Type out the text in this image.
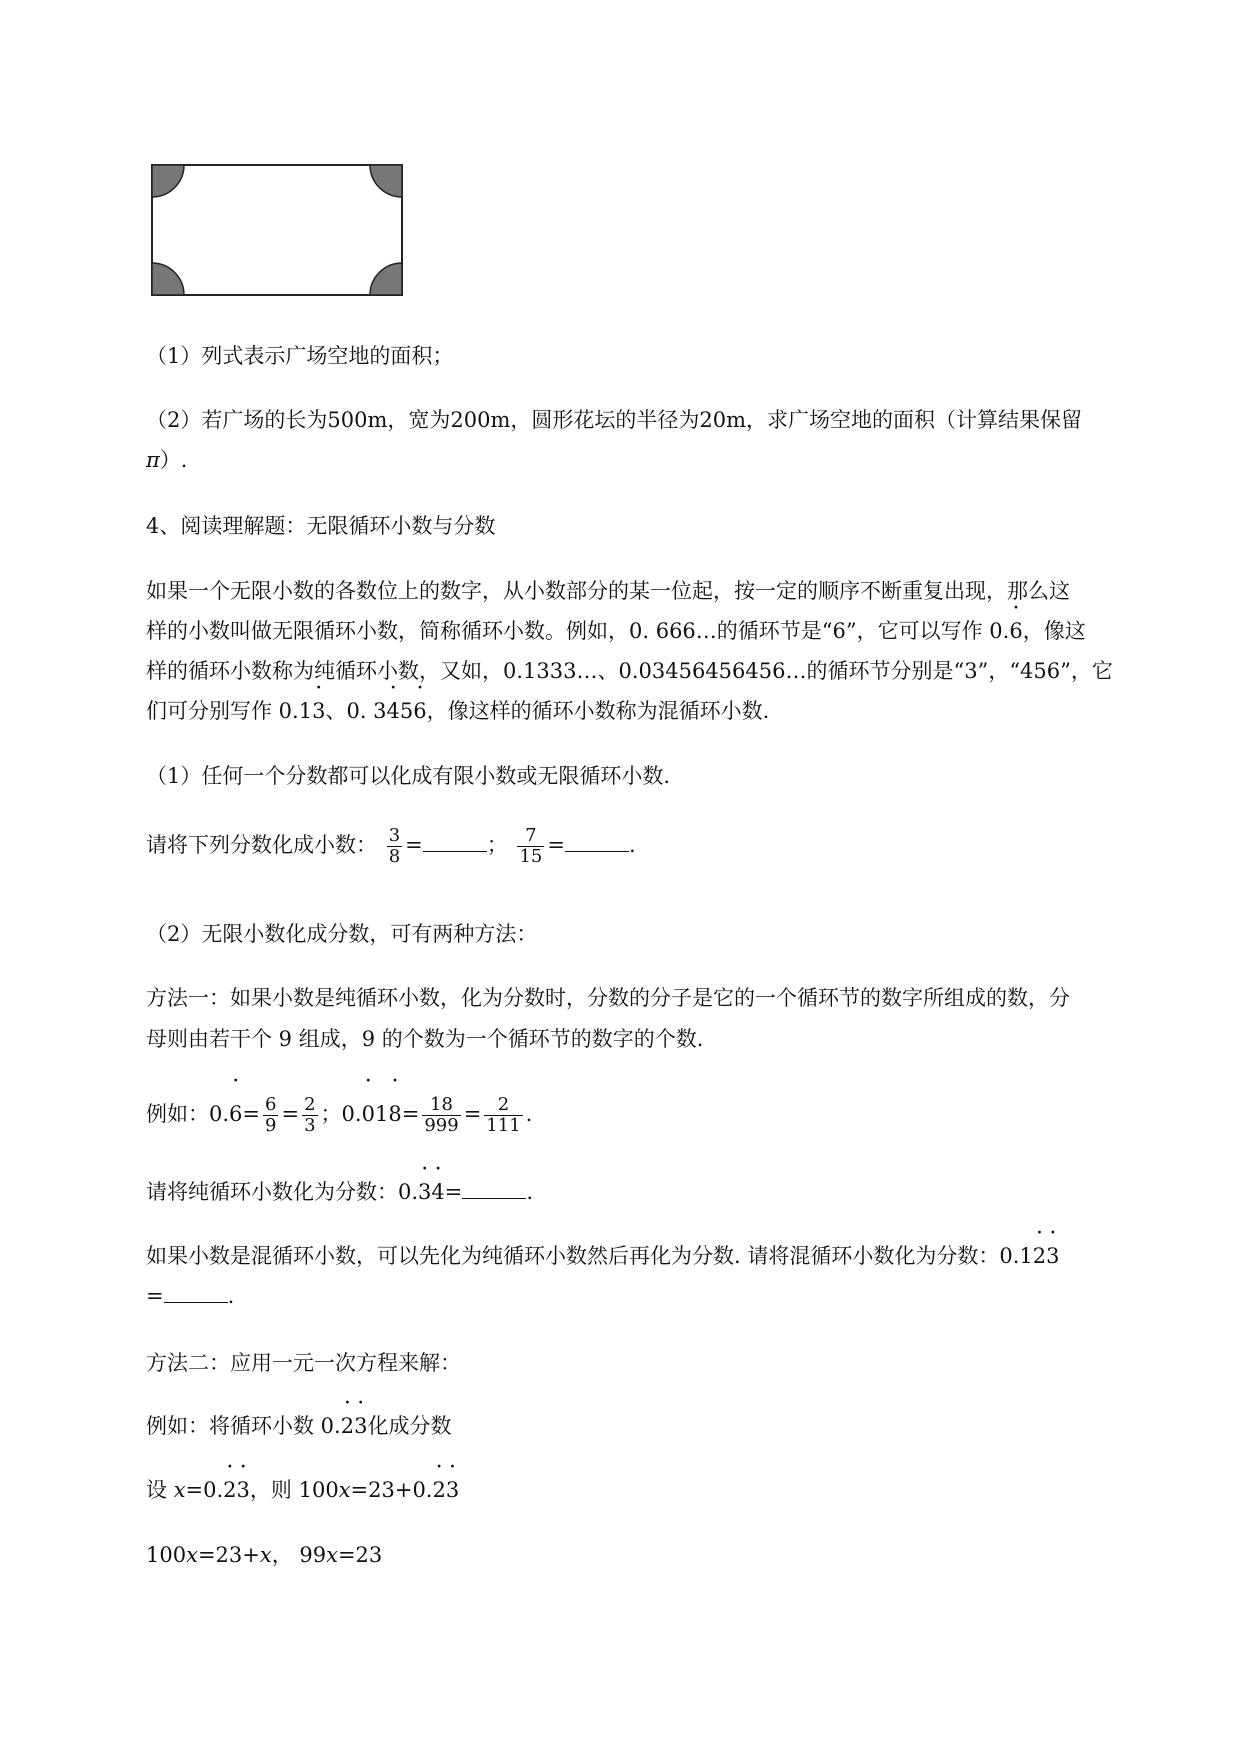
（1）列式表示广场空地的面积；
（2）若广场的长为500m，宽为200m，圆形花坛的半径为20m，求广场空地的面积（计算结果保留
π）.
4、阅读理解题：无限循环小数与分数
如果一个无限小数的各数位上的数字，从小数部分的某一位起，按一定的顺序不断重复出现，那么这
样的小数叫做无限循环小数，简称循环小数。例如，0. 666…的循环节是“6”，它可以写作 0.· 6，像这
样的循环小数称为纯循环小数，又如，0.1333…、0.03456456456…的循环节分别是“3”，“456”，它
们可分别写作 0.1· 3、0. 3· 45· 6，像这样的循环小数称为混循环小数.
（1）任何一个分数都可以化成有限小数或无限循环小数.
请将下列分数化成小数： $\frac{3}{8}$ =	； $\frac{7}{15}$ =	.
（2）无限小数化成分数，可有两种方法：
方法一：如果小数是纯循环小数，化为分数时，分数的分子是它的一个循环节的数字所组成的数，分
母则由若干个 9 组成，9 的个数为一个循环节的数字的个数.
例如：$0.\cdot 6= \frac{6}{9} = \frac{2}{3}$ ；$0.\cdot 01\cdot 8= \frac{18}{999} = \frac{2}{111}$ .
请将纯循环小数化为分数：0.· 3· 4=	.
如果小数是混循环小数，可以先化为纯循环小数然后再化为分数. 请将混循环小数化为分数：0.1· 2· 3
=	.
方法二：应用一元一次方程来解：
例如：将循环小数 0.· 2· 3化成分数
设 x=0.· 2· 3，则 100x=23+0.· 2· 3
100x=23+x， 99x=23
